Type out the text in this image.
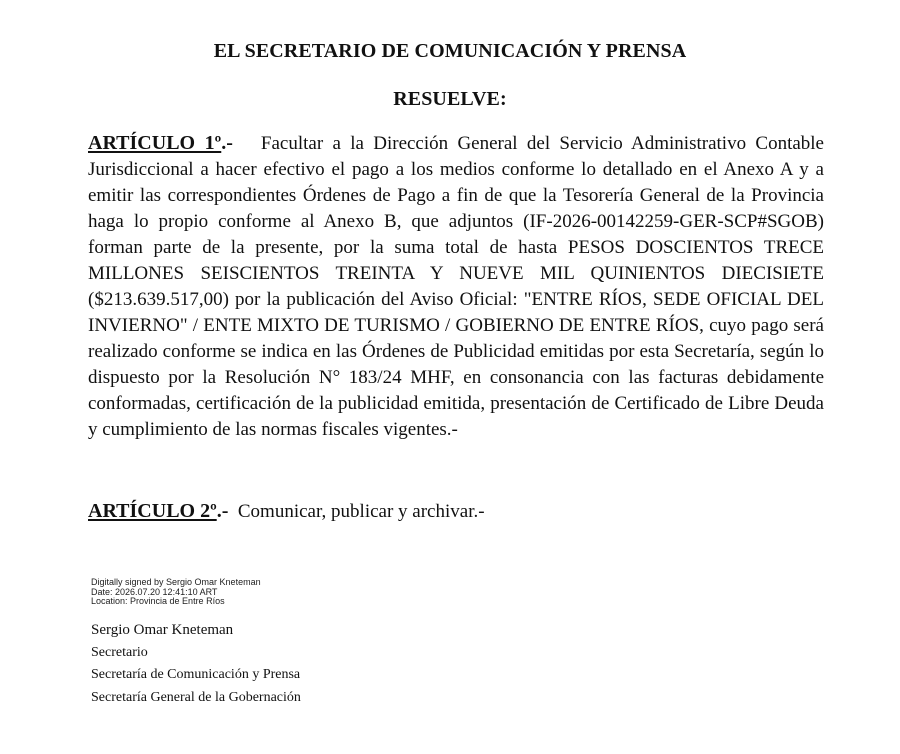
EL SECRETARIO DE COMUNICACIÓN Y PRENSA
RESUELVE:
ARTÍCULO 1º.- Facultar a la Dirección General del Servicio Administrativo Contable Jurisdiccional a hacer efectivo el pago a los medios conforme lo detallado en el Anexo A y a emitir las correspondientes Órdenes de Pago a fin de que la Tesorería General de la Provincia haga lo propio conforme al Anexo B, que adjuntos (IF-2026-00142259-GER-SCP#SGOB) forman parte de la presente, por la suma total de hasta PESOS DOSCIENTOS TRECE MILLONES SEISCIENTOS TREINTA Y NUEVE MIL QUINIENTOS DIECISIETE ($213.639.517,00) por la publicación del Aviso Oficial: "ENTRE RÍOS, SEDE OFICIAL DEL INVIERNO" / ENTE MIXTO DE TURISMO / GOBIERNO DE ENTRE RÍOS, cuyo pago será realizado conforme se indica en las Órdenes de Publicidad emitidas por esta Secretaría, según lo dispuesto por la Resolución N° 183/24 MHF, en consonancia con las facturas debidamente conformadas, certificación de la publicidad emitida, presentación de Certificado de Libre Deuda y cumplimiento de las normas fiscales vigentes.-
ARTÍCULO 2º.- Comunicar, publicar y archivar.-
Digitally signed by Sergio Omar Kneteman
Date: 2026.07.20 12:41:10 ART
Location: Provincia de Entre Ríos
Sergio Omar Kneteman
Secretario
Secretaría de Comunicación y Prensa
Secretaría General de la Gobernación
